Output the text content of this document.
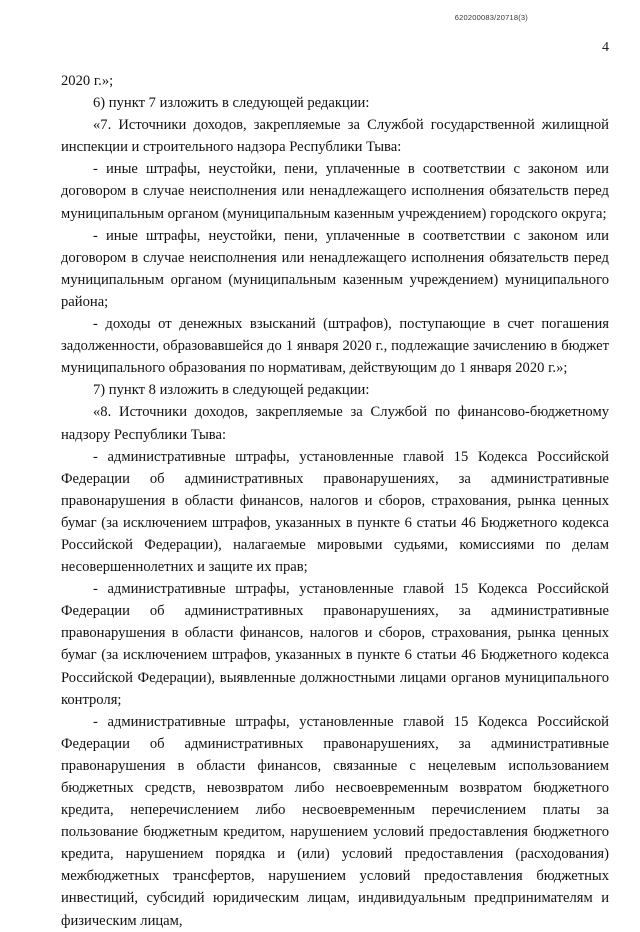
620200083/20718(3)
4

2020 г.»;

6) пункт 7 изложить в следующей редакции:

«7. Источники доходов, закрепляемые за Службой государственной жилищной инспекции и строительного надзора Республики Тыва:

- иные штрафы, неустойки, пени, уплаченные в соответствии с законом или договором в случае неисполнения или ненадлежащего исполнения обязательств перед муниципальным органом (муниципальным казенным учреждением) городского округа;

- иные штрафы, неустойки, пени, уплаченные в соответствии с законом или договором в случае неисполнения или ненадлежащего исполнения обязательств перед муниципальным органом (муниципальным казенным учреждением) муниципального района;

- доходы от денежных взысканий (штрафов), поступающие в счет погашения задолженности, образовавшейся до 1 января 2020 г., подлежащие зачислению в бюджет муниципального образования по нормативам, действующим до 1 января 2020 г.»;

7) пункт 8 изложить в следующей редакции:

«8. Источники доходов, закрепляемые за Службой по финансово-бюджетному надзору Республики Тыва:

- административные штрафы, установленные главой 15 Кодекса Российской Федерации об административных правонарушениях, за административные правонарушения в области финансов, налогов и сборов, страхования, рынка ценных бумаг (за исключением штрафов, указанных в пункте 6 статьи 46 Бюджетного кодекса Российской Федерации), налагаемые мировыми судьями, комиссиями по делам несовершеннолетних и защите их прав;

- административные штрафы, установленные главой 15 Кодекса Российской Федерации об административных правонарушениях, за административные правонарушения в области финансов, налогов и сборов, страхования, рынка ценных бумаг (за исключением штрафов, указанных в пункте 6 статьи 46 Бюджетного кодекса Российской Федерации), выявленные должностными лицами органов муниципального контроля;

- административные штрафы, установленные главой 15 Кодекса Российской Федерации об административных правонарушениях, за административные правонарушения в области финансов, связанные с нецелевым использованием бюджетных средств, невозвратом либо несвоевременным возвратом бюджетного кредита, неперечислением либо несвоевременным перечислением платы за пользование бюджетным кредитом, нарушением условий предоставления бюджетного кредита, нарушением порядка и (или) условий предоставления (расходования) межбюджетных трансфертов, нарушением условий предоставления бюджетных инвестиций, субсидий юридическим лицам, индивидуальным предпринимателям и физическим лицам,
